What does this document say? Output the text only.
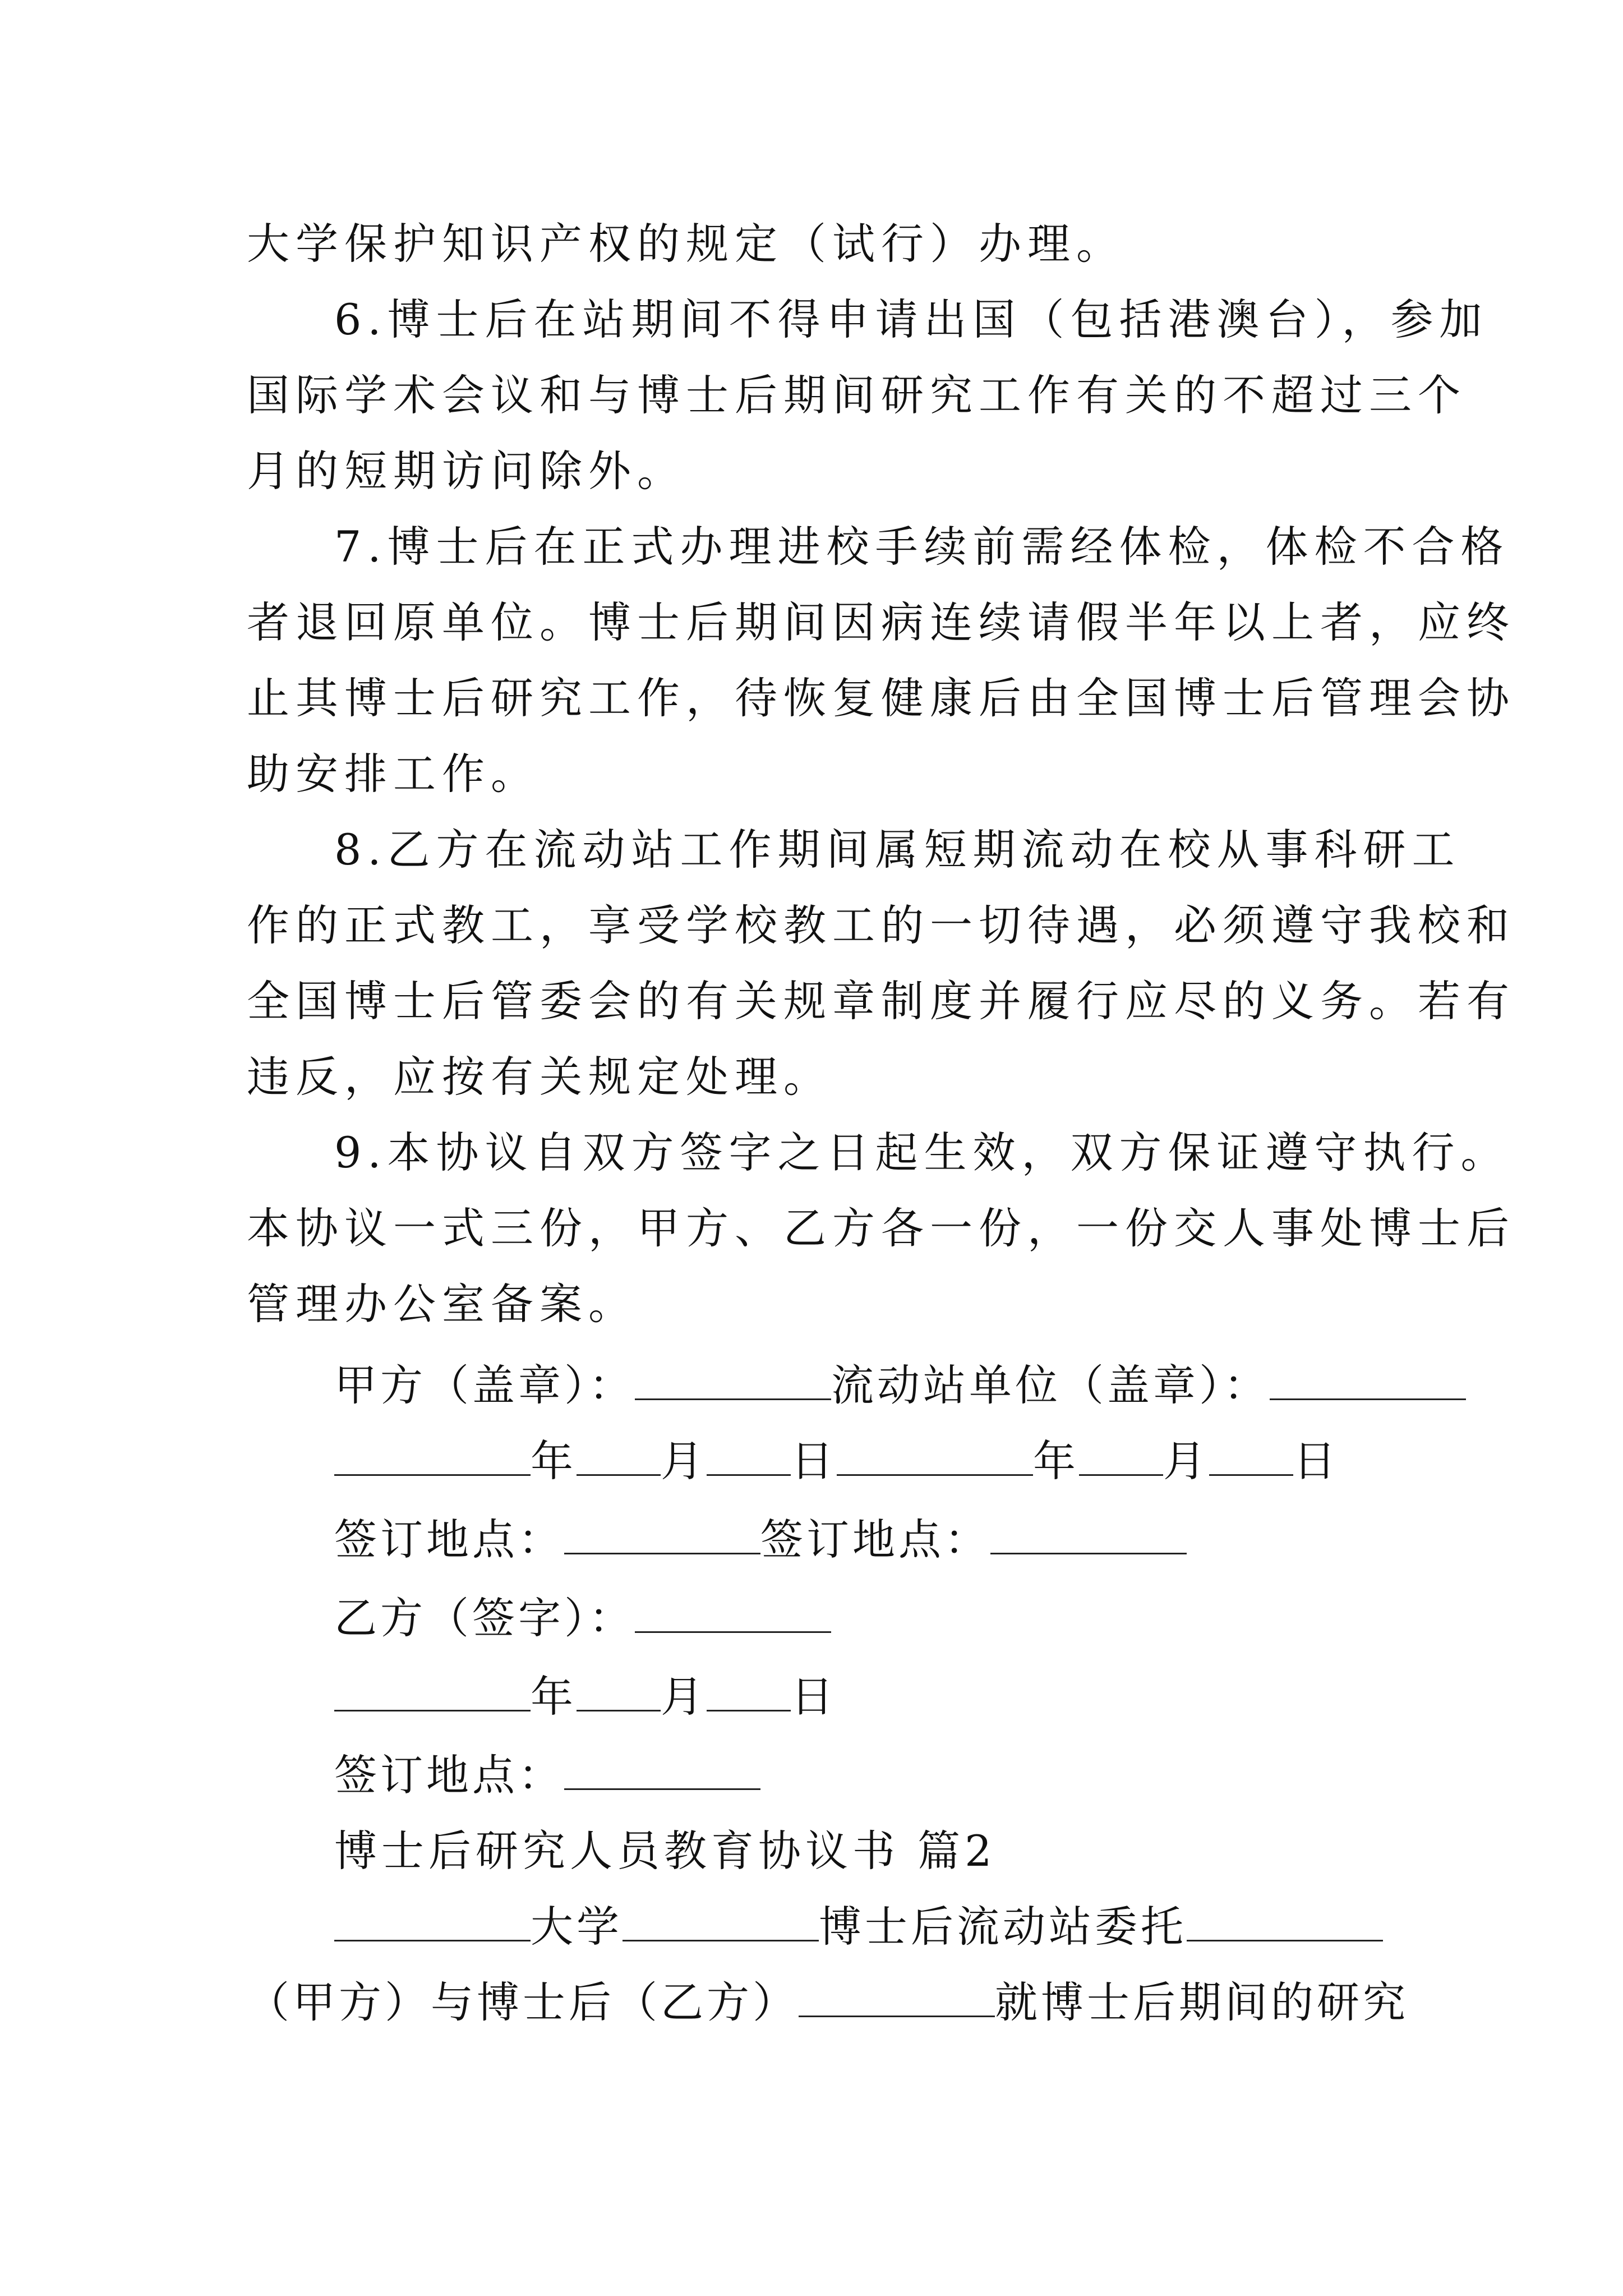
大学保护知识产权的规定（试行）办理。
6.博士后在站期间不得申请出国（包括港澳台），参加
国际学术会议和与博士后期间研究工作有关的不超过三个
月的短期访问除外。
7.博士后在正式办理进校手续前需经体检，体检不合格
者退回原单位。博士后期间因病连续请假半年以上者，应终
止其博士后研究工作，待恢复健康后由全国博士后管理会协
助安排工作。
8.乙方在流动站工作期间属短期流动在校从事科研工
作的正式教工，享受学校教工的一切待遇，必须遵守我校和
全国博士后管委会的有关规章制度并履行应尽的义务。若有
违反，应按有关规定处理。
9.本协议自双方签字之日起生效，双方保证遵守执行。
本协议一式三份，甲方、乙方各一份，一份交人事处博士后
管理办公室备案。
甲方（盖章）：	流动站单位（盖章）：
年 月 日	年 月 日
签订地点：	签订地点：
乙方（签字）：
年 月 日
签订地点：
博士后研究人员教育协议书 篇2
大学	博士后流动站委托
（甲方）与博士后（乙方）	就博士后期间的研究
